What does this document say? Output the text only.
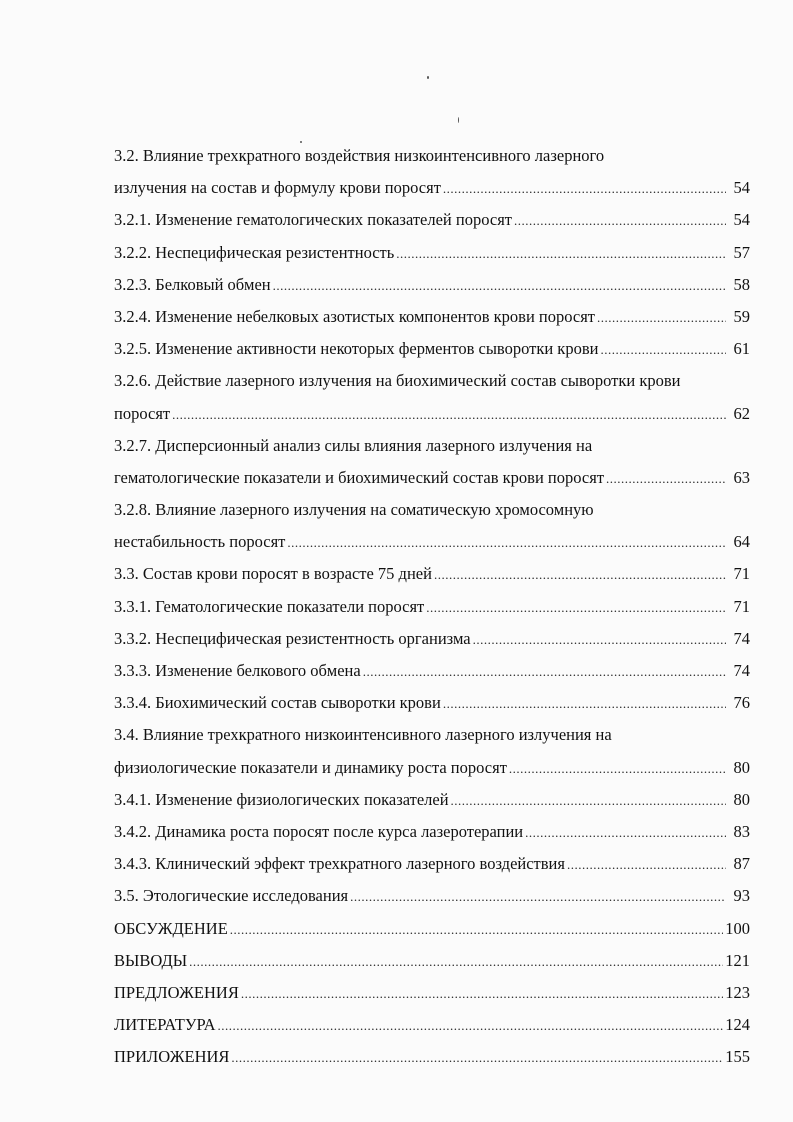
3.2. Влияние трехкратного воздействия низкоинтенсивного лазерного
излучения на состав и формулу крови поросят .....	54
3.2.1. Изменение гематологических показателей поросят .....	54
3.2.2. Неспецифическая резистентность .....	57
3.2.3. Белковый обмен .....	58
3.2.4. Изменение небелковых азотистых компонентов крови поросят .....	59
3.2.5. Изменение активности некоторых ферментов сыворотки крови .....	61
3.2.6. Действие лазерного излучения на биохимический состав сыворотки крови
поросят .....	62
3.2.7. Дисперсионный анализ силы влияния лазерного излучения на
гематологические показатели и биохимический состав крови поросят .....	63
3.2.8. Влияние лазерного излучения на соматическую хромосомную
нестабильность поросят .....	64
3.3. Состав крови поросят в возрасте 75 дней .....	71
3.3.1. Гематологические показатели поросят .....	71
3.3.2. Неспецифическая резистентность организма .....	74
3.3.3. Изменение белкового обмена .....	74
3.3.4. Биохимический состав сыворотки крови .....	76
3.4. Влияние трехкратного низкоинтенсивного лазерного излучения на
физиологические показатели и динамику роста поросят .....	80
3.4.1. Изменение физиологических показателей .....	80
3.4.2. Динамика роста поросят после курса лазеротерапии .....	83
3.4.3. Клинический эффект трехкратного лазерного воздействия .....	87
3.5. Этологические исследования .....	93
ОБСУЖДЕНИЕ .....	100
ВЫВОДЫ .....	121
ПРЕДЛОЖЕНИЯ .....	123
ЛИТЕРАТУРА .....	124
ПРИЛОЖЕНИЯ .....	155
